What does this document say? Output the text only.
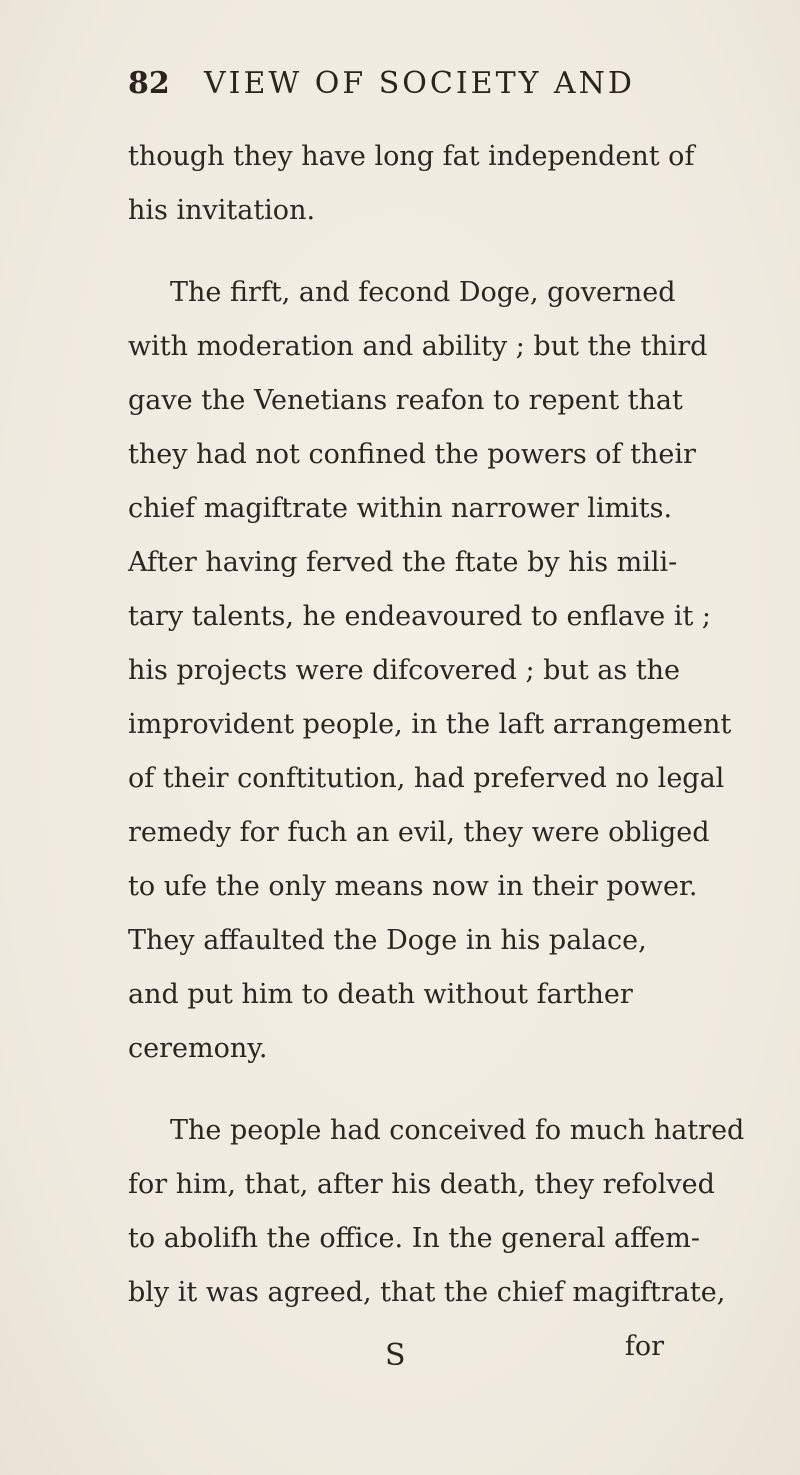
82 VIEW OF SOCIETY AND
though they have long fat independent of
his invitation.
The firft, and fecond Doge, governed
with moderation and ability ; but the third
gave the Venetians reafon to repent that
they had not confined the powers of their
chief magiftrate within narrower limits.
After having ferved the ftate by his mili-
tary talents, he endeavoured to enflave it ;
his projects were difcovered ; but as the
improvident people, in the laft arrangement
of their conftitution, had preferved no legal
remedy for fuch an evil, they were obliged
to ufe the only means now in their power.
They affaulted the Doge in his palace,
and put him to death without farther
ceremony.
The people had conceived fo much hatred
for him, that, after his death, they refolved
to abolifh the office. In the general affem-
bly it was agreed, that the chief magiftrate,
for
S
